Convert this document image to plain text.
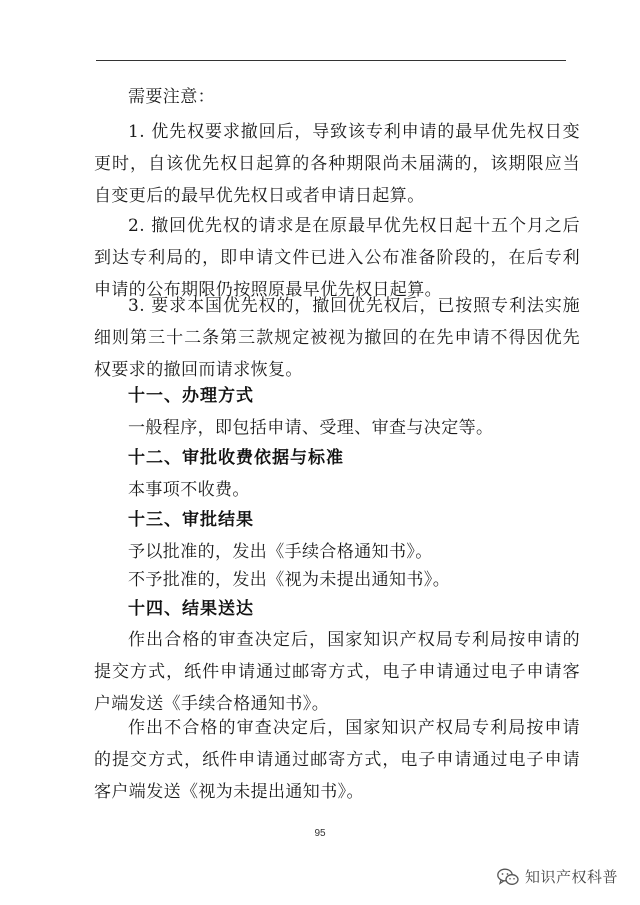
需要注意：

1. 优先权要求撤回后，导致该专利申请的最早优先权日变更时，自该优先权日起算的各种期限尚未届满的，该期限应当自变更后的最早优先权日或者申请日起算。

2. 撤回优先权的请求是在原最早优先权日起十五个月之后到达专利局的，即申请文件已进入公布准备阶段的，在后专利申请的公布期限仍按照原最早优先权日起算。

3. 要求本国优先权的，撤回优先权后，已按照专利法实施细则第三十二条第三款规定被视为撤回的在先申请不得因优先权要求的撤回而请求恢复。

十一、办理方式

一般程序，即包括申请、受理、审查与决定等。

十二、审批收费依据与标准

本事项不收费。

十三、审批结果

予以批准的，发出《手续合格通知书》。

不予批准的，发出《视为未提出通知书》。

十四、结果送达

作出合格的审查决定后，国家知识产权局专利局按申请的提交方式，纸件申请通过邮寄方式，电子申请通过电子申请客户端发送《手续合格通知书》。

作出不合格的审查决定后，国家知识产权局专利局按申请的提交方式，纸件申请通过邮寄方式，电子申请通过电子申请客户端发送《视为未提出通知书》。

95
知识产权科普
